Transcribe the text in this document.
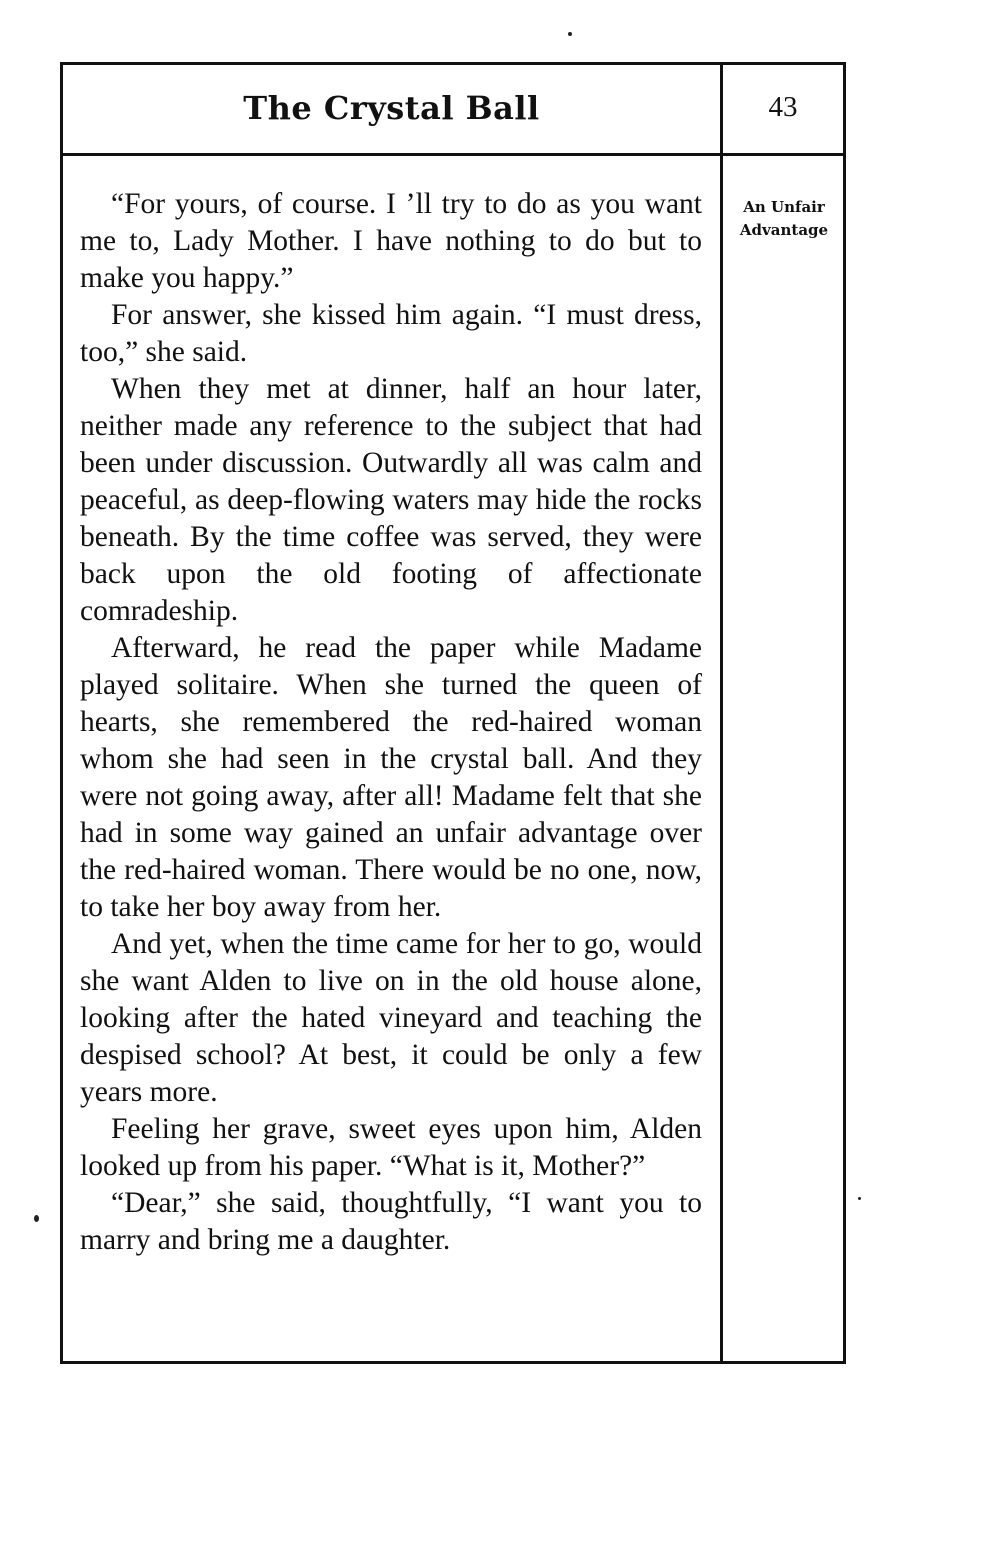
The Crystal Ball	43
An Unfair
Advantage

“For yours, of course. I ’ll try to do as you want me to, Lady Mother. I have nothing to do but to make you happy.”

For answer, she kissed him again. “I must dress, too,” she said.

When they met at dinner, half an hour later, neither made any reference to the subject that had been under discussion. Outwardly all was calm and peaceful, as deep-flowing waters may hide the rocks beneath. By the time coffee was served, they were back upon the old footing of affectionate comradeship.

Afterward, he read the paper while Madame played solitaire. When she turned the queen of hearts, she remembered the red-haired woman whom she had seen in the crystal ball. And they were not going away, after all! Madame felt that she had in some way gained an unfair advantage over the red-haired woman. There would be no one, now, to take her boy away from her.

And yet, when the time came for her to go, would she want Alden to live on in the old house alone, looking after the hated vineyard and teaching the despised school? At best, it could be only a few years more.

Feeling her grave, sweet eyes upon him, Alden looked up from his paper. “What is it, Mother?”

“Dear,” she said, thoughtfully, “I want you to marry and bring me a daughter.
